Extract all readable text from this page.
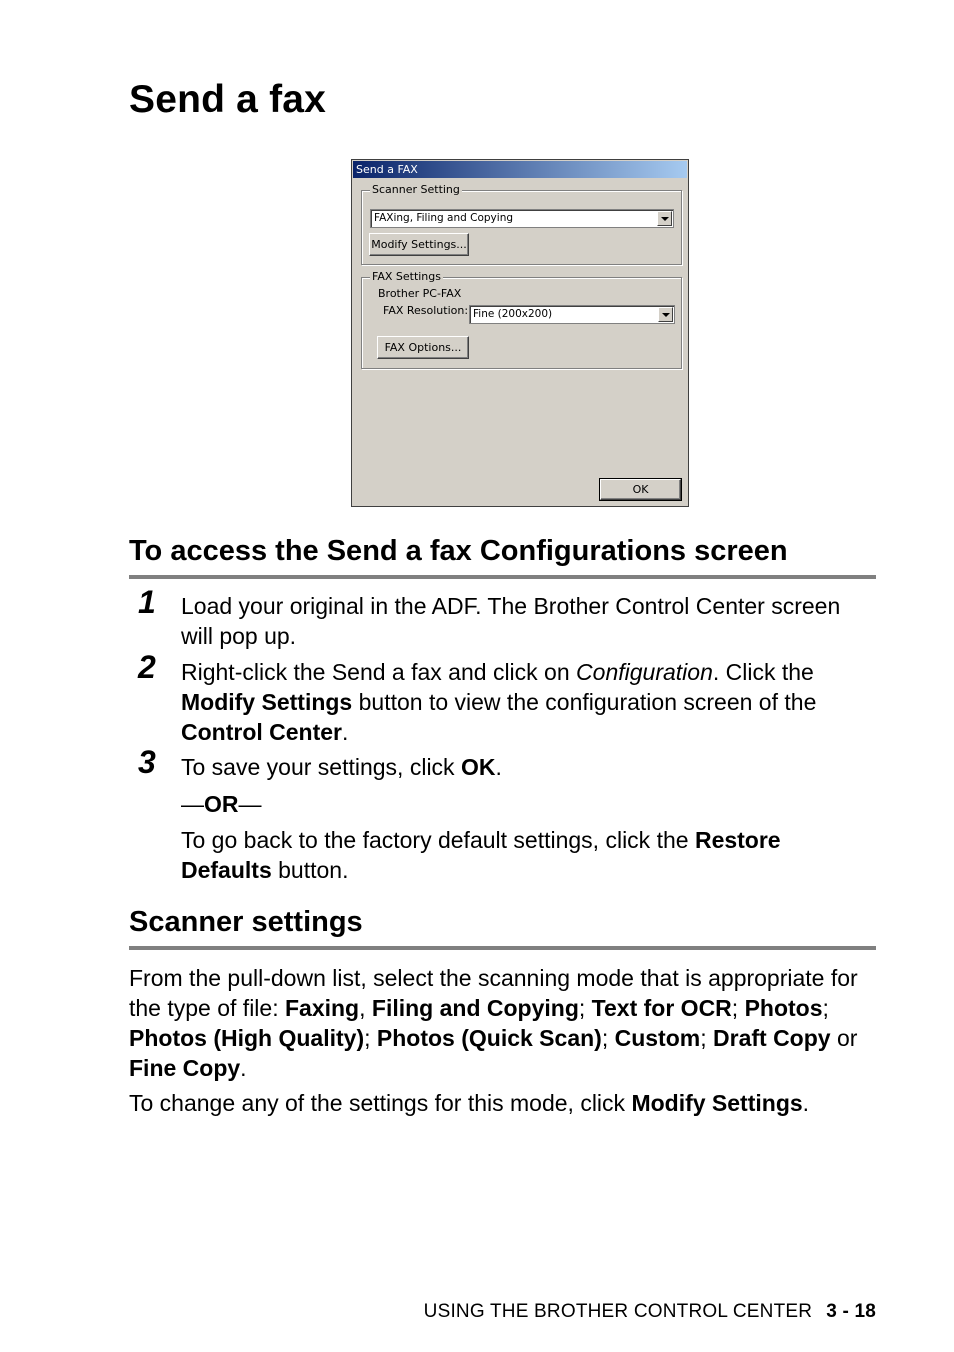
Send a fax
Send a FAX
Scanner Setting
FAXing, Filing and Copying
Modify Settings...
FAX Settings
Brother PC-FAX
FAX Resolution: Fine (200x200)
FAX Options...
OK
To access the Send a fax Configurations screen
1 Load your original in the ADF. The Brother Control Center screen will pop up.

2 Right-click the Send a fax and click on Configuration. Click the Modify Settings button to view the configuration screen of the Control Center.

3 To save your settings, click OK.

—OR—

To go back to the factory default settings, click the Restore Defaults button.

Scanner settings

From the pull-down list, select the scanning mode that is appropriate for the type of file: Faxing, Filing and Copying; Text for OCR; Photos; Photos (High Quality); Photos (Quick Scan); Custom; Draft Copy or Fine Copy.

To change any of the settings for this mode, click Modify Settings.

USING THE BROTHER CONTROL CENTER 3 - 18
